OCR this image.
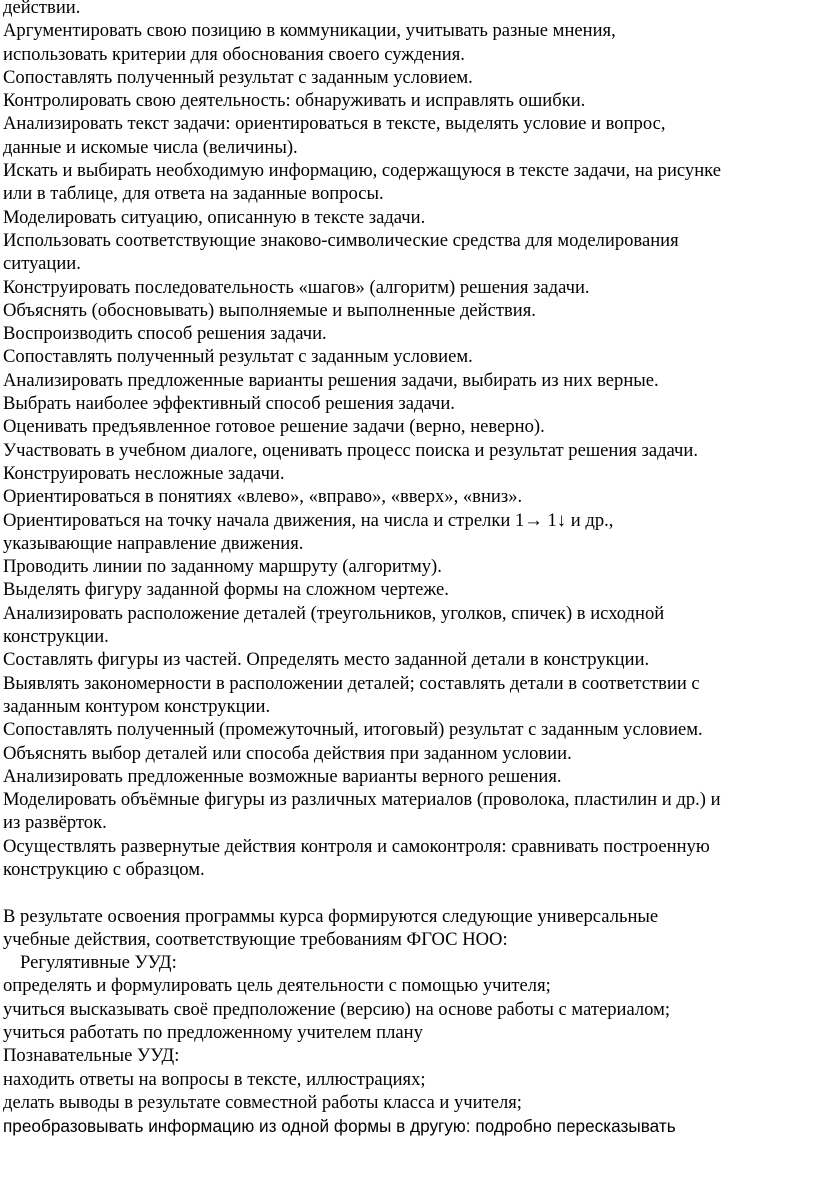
действии.
Аргументировать свою позицию в коммуникации, учитывать разные мнения,
использовать критерии для обоснования своего суждения.
Сопоставлять полученный результат с заданным условием.
Контролировать свою деятельность: обнаруживать и исправлять ошибки.
Анализировать текст задачи: ориентироваться в тексте, выделять условие и вопрос,
данные и искомые числа (величины).
Искать и выбирать необходимую информацию, содержащуюся в тексте задачи, на рисунке
или в таблице, для ответа на заданные вопросы.
Моделировать ситуацию, описанную в тексте задачи.
Использовать соответствующие знаково-символические средства для моделирования
ситуации.
Конструировать последовательность «шагов» (алгоритм) решения задачи.
Объяснять (обосновывать) выполняемые и выполненные действия.
Воспроизводить способ решения задачи.
Сопоставлять полученный результат с заданным условием.
Анализировать предложенные варианты решения задачи, выбирать из них верные.
Выбрать наиболее эффективный способ решения задачи.
Оценивать предъявленное готовое решение задачи (верно, неверно).
Участвовать в учебном диалоге, оценивать процесс поиска и результат решения задачи.
Конструировать несложные задачи.
Ориентироваться в понятиях «влево», «вправо», «вверх», «вниз».
Ориентироваться на точку начала движения, на числа и стрелки 1→ 1↓ и др.,
указывающие направление движения.
Проводить линии по заданному маршруту (алгоритму).
Выделять фигуру заданной формы на сложном чертеже.
Анализировать расположение деталей (треугольников, уголков, спичек) в исходной
конструкции.
Составлять фигуры из частей. Определять место заданной детали в конструкции.
Выявлять закономерности в расположении деталей; составлять детали в соответствии с
заданным контуром конструкции.
Сопоставлять полученный (промежуточный, итоговый) результат с заданным условием.
Объяснять выбор деталей или способа действия при заданном условии.
Анализировать предложенные возможные варианты верного решения.
Моделировать объёмные фигуры из различных материалов (проволока, пластилин и др.) и
из развёрток.
Осуществлять развернутые действия контроля и самоконтроля: сравнивать построенную
конструкцию с образцом.
В результате освоения программы курса формируются следующие универсальные
учебные действия, соответствующие требованиям ФГОС НОО:
Регулятивные УУД:
определять и формулировать цель деятельности с помощью учителя;
учиться высказывать своё предположение (версию) на основе работы с материалом;
учиться работать по предложенному учителем плану
Познавательные УУД:
находить ответы на вопросы в тексте, иллюстрациях;
делать выводы в результате совместной работы класса и учителя;
преобразовывать информацию из одной формы в другую: подробно пересказывать
